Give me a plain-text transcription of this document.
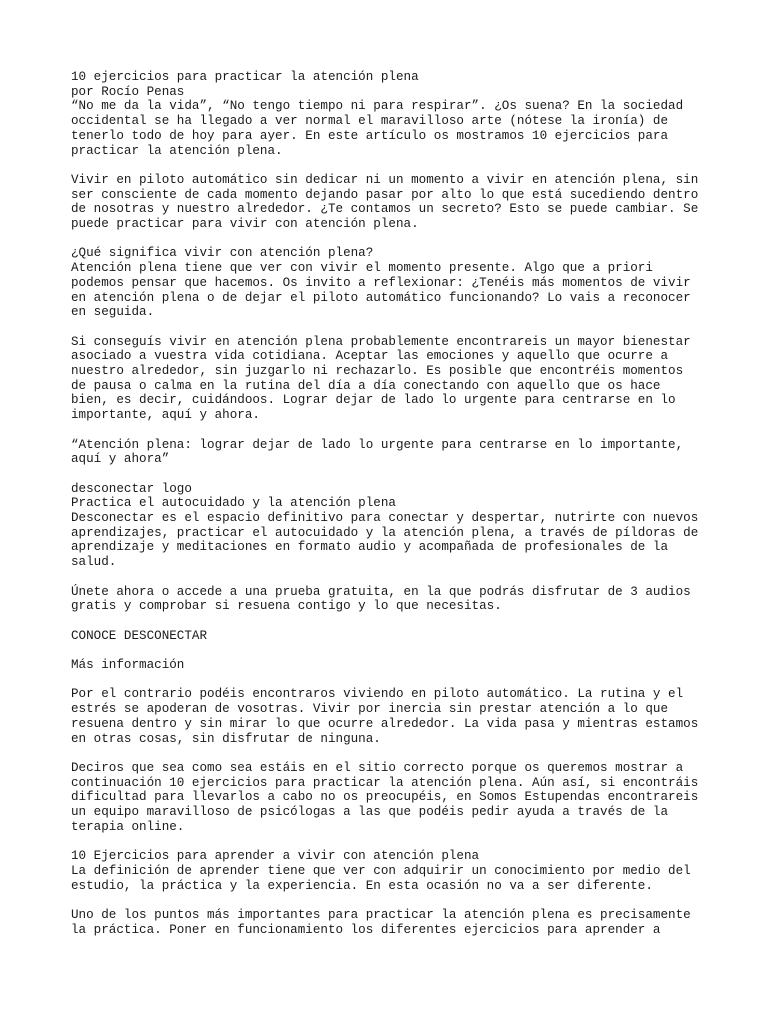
10 ejercicios para practicar la atención plena
por Rocío Penas
“No me da la vida”, “No tengo tiempo ni para respirar”. ¿Os suena? En la sociedad
occidental se ha llegado a ver normal el maravilloso arte (nótese la ironía) de
tenerlo todo de hoy para ayer. En este artículo os mostramos 10 ejercicios para
practicar la atención plena.
Vivir en piloto automático sin dedicar ni un momento a vivir en atención plena, sin
ser consciente de cada momento dejando pasar por alto lo que está sucediendo dentro
de nosotras y nuestro alrededor. ¿Te contamos un secreto? Esto se puede cambiar. Se
puede practicar para vivir con atención plena.
¿Qué significa vivir con atención plena?
Atención plena tiene que ver con vivir el momento presente. Algo que a priori
podemos pensar que hacemos. Os invito a reflexionar: ¿Tenéis más momentos de vivir
en atención plena o de dejar el piloto automático funcionando? Lo vais a reconocer
en seguida.
Si conseguís vivir en atención plena probablemente encontrareis un mayor bienestar
asociado a vuestra vida cotidiana. Aceptar las emociones y aquello que ocurre a
nuestro alrededor, sin juzgarlo ni rechazarlo. Es posible que encontréis momentos
de pausa o calma en la rutina del día a día conectando con aquello que os hace
bien, es decir, cuidándoos. Lograr dejar de lado lo urgente para centrarse en lo
importante, aquí y ahora.
“Atención plena: lograr dejar de lado lo urgente para centrarse en lo importante,
aquí y ahora”
desconectar logo
Practica el autocuidado y la atención plena
Desconectar es el espacio definitivo para conectar y despertar, nutrirte con nuevos
aprendizajes, practicar el autocuidado y la atención plena, a través de píldoras de
aprendizaje y meditaciones en formato audio y acompañada de profesionales de la
salud.
Únete ahora o accede a una prueba gratuita, en la que podrás disfrutar de 3 audios
gratis y comprobar si resuena contigo y lo que necesitas.
CONOCE DESCONECTAR
Más información
Por el contrario podéis encontraros viviendo en piloto automático. La rutina y el
estrés se apoderan de vosotras. Vivir por inercia sin prestar atención a lo que
resuena dentro y sin mirar lo que ocurre alrededor. La vida pasa y mientras estamos
en otras cosas, sin disfrutar de ninguna.
Deciros que sea como sea estáis en el sitio correcto porque os queremos mostrar a
continuación 10 ejercicios para practicar la atención plena. Aún así, si encontráis
dificultad para llevarlos a cabo no os preocupéis, en Somos Estupendas encontrareis
un equipo maravilloso de psicólogas a las que podéis pedir ayuda a través de la
terapia online.
10 Ejercicios para aprender a vivir con atención plena
La definición de aprender tiene que ver con adquirir un conocimiento por medio del
estudio, la práctica y la experiencia. En esta ocasión no va a ser diferente.
Uno de los puntos más importantes para practicar la atención plena es precisamente
la práctica. Poner en funcionamiento los diferentes ejercicios para aprender a
